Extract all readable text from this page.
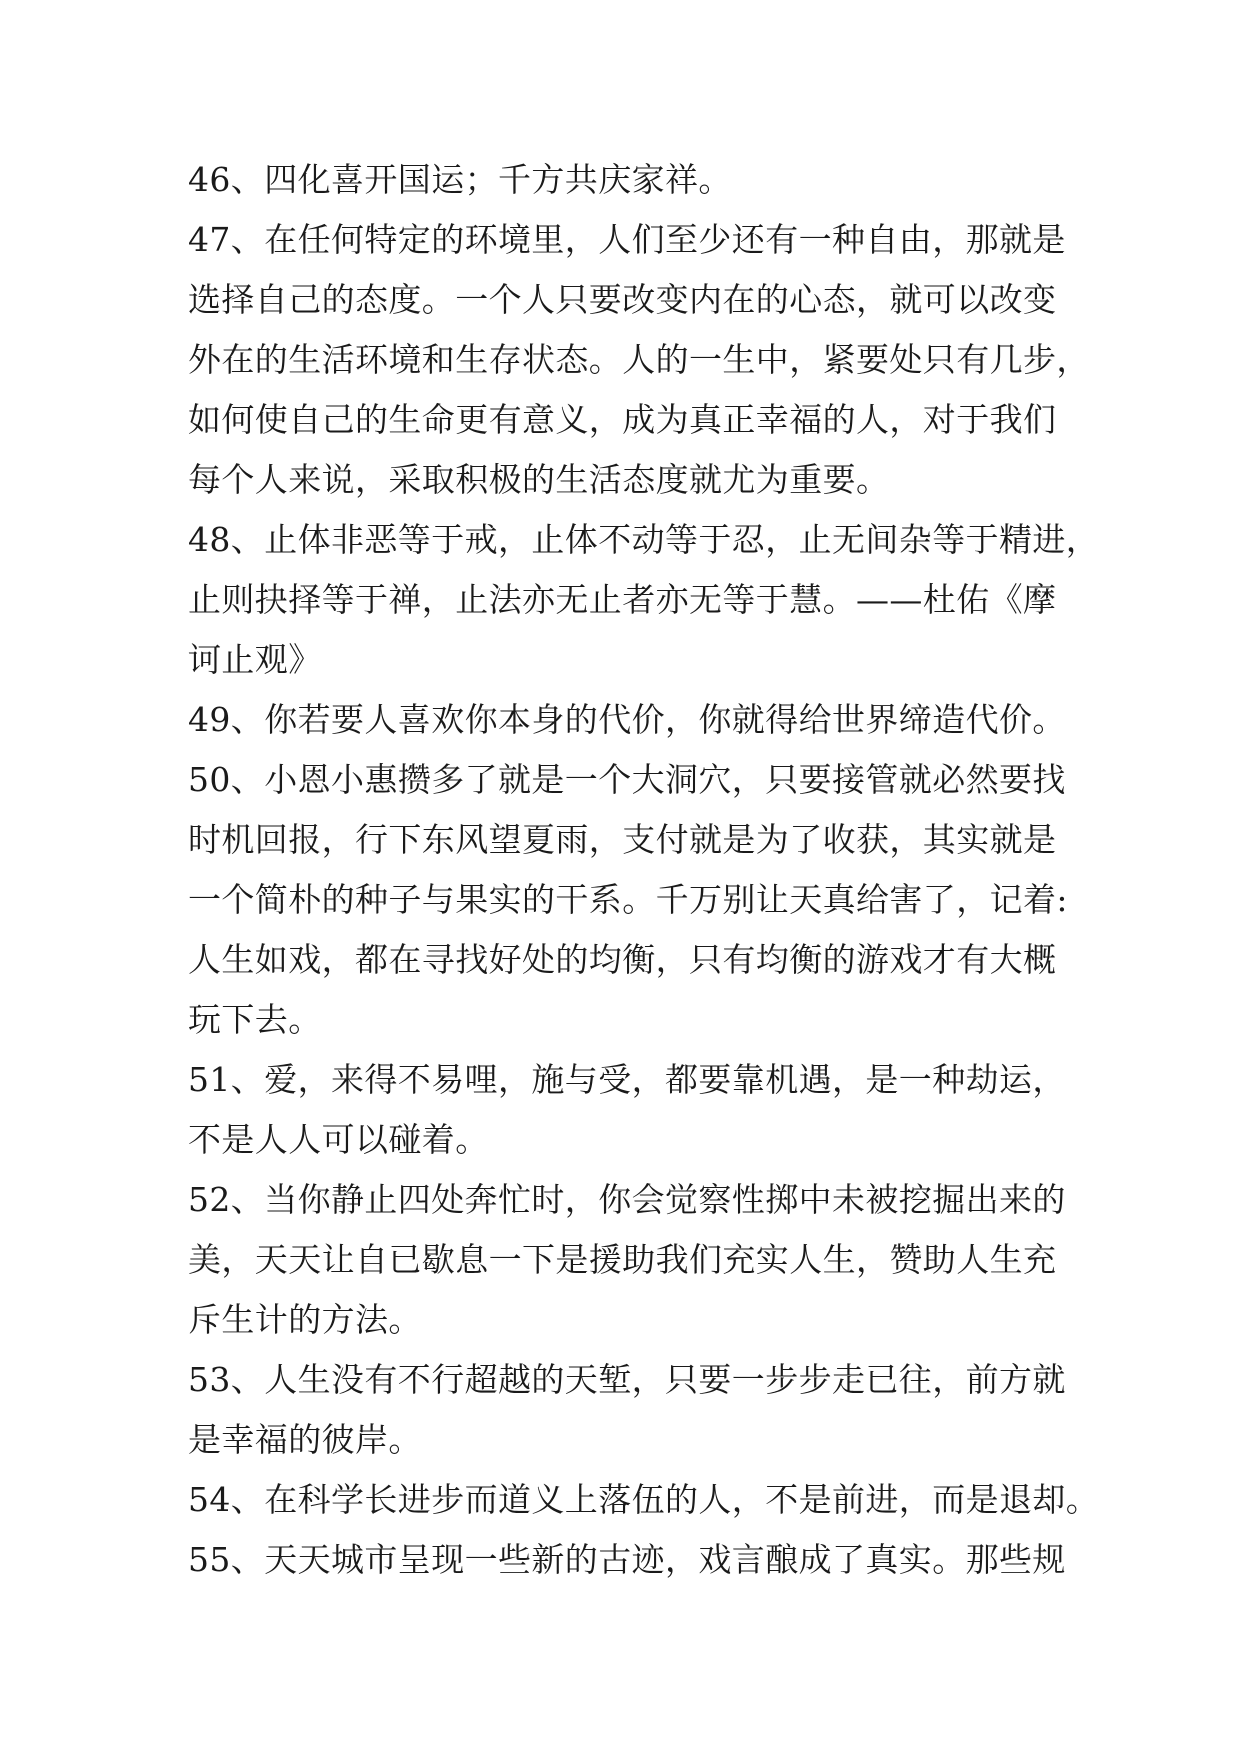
46、四化喜开国运；千方共庆家祥。
47、在任何特定的环境里，人们至少还有一种自由，那就是
选择自己的态度。一个人只要改变内在的心态，就可以改变
外在的生活环境和生存状态。人的一生中，紧要处只有几步，
如何使自己的生命更有意义，成为真正幸福的人，对于我们
每个人来说，采取积极的生活态度就尤为重要。
48、止体非恶等于戒，止体不动等于忍，止无间杂等于精进，
止则抉择等于禅，止法亦无止者亦无等于慧。——杜佑《摩
诃止观》
49、你若要人喜欢你本身的代价，你就得给世界缔造代价。
50、小恩小惠攒多了就是一个大洞穴，只要接管就必然要找
时机回报，行下东风望夏雨，支付就是为了收获，其实就是
一个简朴的种子与果实的干系。千万别让天真给害了，记着:
人生如戏，都在寻找好处的均衡，只有均衡的游戏才有大概
玩下去。
51、爱，来得不易哩，施与受，都要靠机遇，是一种劫运，
不是人人可以碰着。
52、当你静止四处奔忙时，你会觉察性掷中未被挖掘出来的
美，天天让自已歇息一下是援助我们充实人生，赞助人生充
斥生计的方法。
53、人生没有不行超越的天堑，只要一步步走已往，前方就
是幸福的彼岸。
54、在科学长进步而道义上落伍的人，不是前进，而是退却。
55、天天城市呈现一些新的古迹，戏言酿成了真实。那些规
